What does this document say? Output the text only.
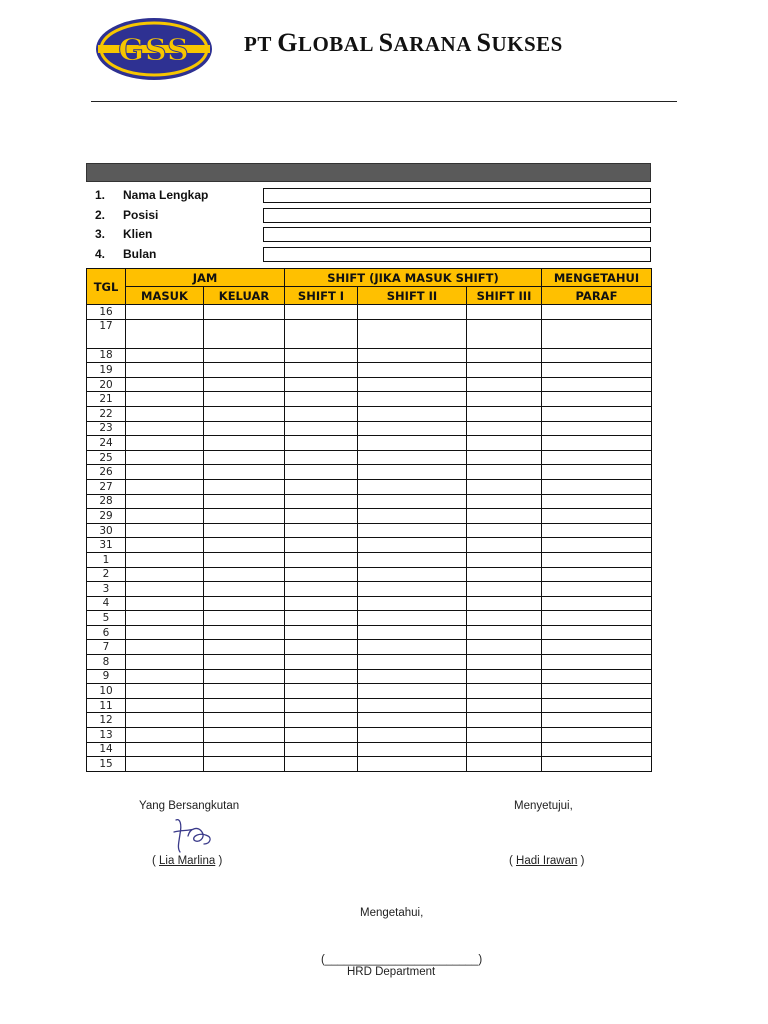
GSS	PT GLOBAL SARANA SUKSES
1.	Nama Lengkap
2.	Posisi
3.	Klien
4.	Bulan
TGL	JAM		SHIFT (JIKA MASUK SHIFT)			MENGETAHUI
	MASUK	KELUAR	SHIFT I	SHIFT II	SHIFT III	PARAF
16						
17						
18						
19						
20						
21						
22						
23						
24						
25						
26						
27						
28						
29						
30						
31						
1						
2						
3						
4						
5						
6						
7						
8						
9						
10						
11						
12						
13						
14						
15						
Yang Bersangkutan
( Lia Marlina )
Menyetujui,
( Hadi Irawan )
Mengetahui,
(________________________)
HRD Department
